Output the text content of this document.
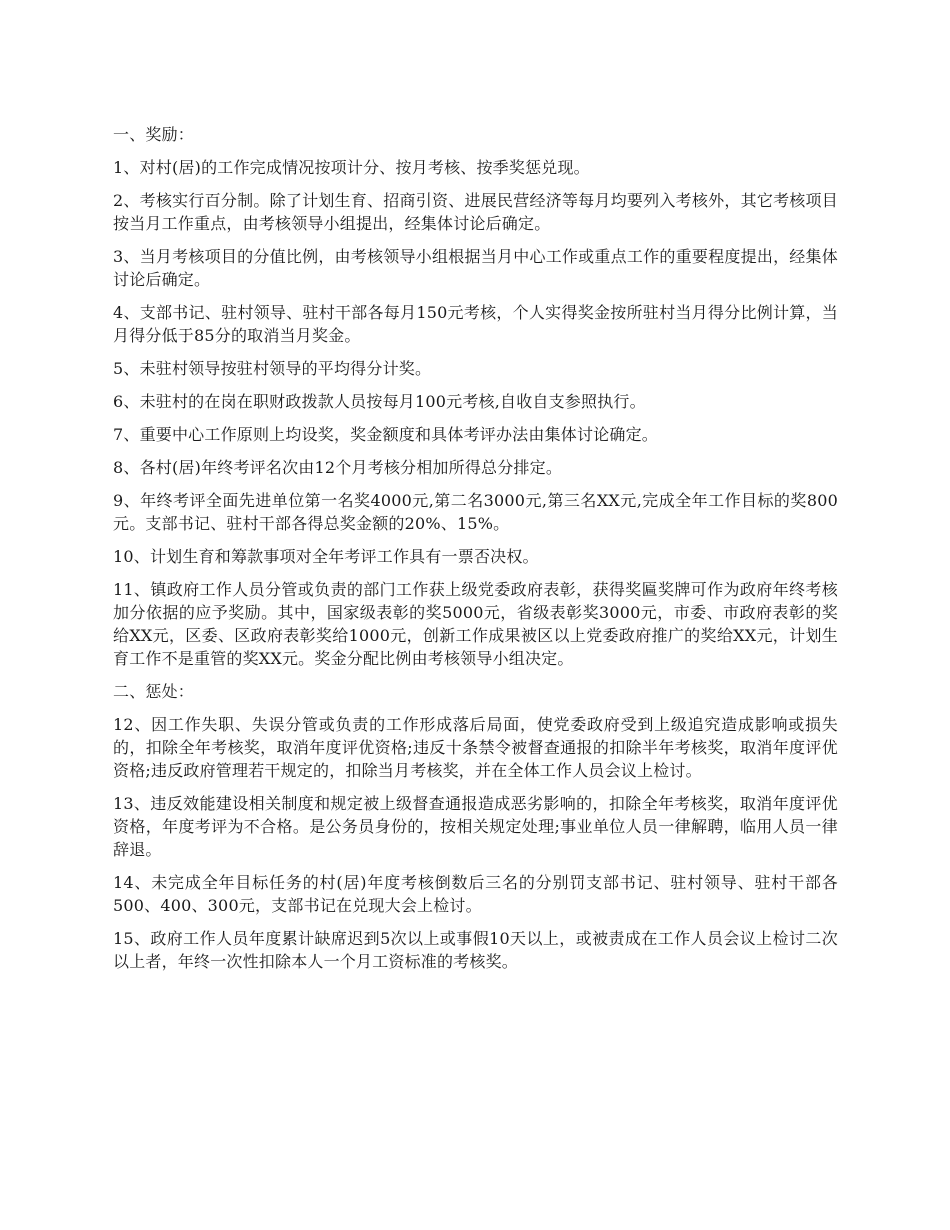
一、奖励：

1、对村(居)的工作完成情况按项计分、按月考核、按季奖惩兑现。

2、考核实行百分制。除了计划生育、招商引资、进展民营经济等每月均要列入考核外，其它考核项目按当月工作重点，由考核领导小组提出，经集体讨论后确定。

3、当月考核项目的分值比例，由考核领导小组根据当月中心工作或重点工作的重要程度提出，经集体讨论后确定。

4、支部书记、驻村领导、驻村干部各每月150元考核，个人实得奖金按所驻村当月得分比例计算，当月得分低于85分的取消当月奖金。

5、未驻村领导按驻村领导的平均得分计奖。

6、未驻村的在岗在职财政拨款人员按每月100元考核,自收自支参照执行。

7、重要中心工作原则上均设奖，奖金额度和具体考评办法由集体讨论确定。

8、各村(居)年终考评名次由12个月考核分相加所得总分排定。

9、年终考评全面先进单位第一名奖4000元,第二名3000元,第三名XX元,完成全年工作目标的奖800元。支部书记、驻村干部各得总奖金额的20%、15%。

10、计划生育和筹款事项对全年考评工作具有一票否决权。

11、镇政府工作人员分管或负责的部门工作获上级党委政府表彰，获得奖匾奖牌可作为政府年终考核加分依据的应予奖励。其中，国家级表彰的奖5000元，省级表彰奖3000元，市委、市政府表彰的奖给XX元，区委、区政府表彰奖给1000元，创新工作成果被区以上党委政府推广的奖给XX元，计划生育工作不是重管的奖XX元。奖金分配比例由考核领导小组决定。

二、惩处：

12、因工作失职、失误分管或负责的工作形成落后局面，使党委政府受到上级追究造成影响或损失的，扣除全年考核奖，取消年度评优资格;违反十条禁令被督查通报的扣除半年考核奖，取消年度评优资格;违反政府管理若干规定的，扣除当月考核奖，并在全体工作人员会议上检讨。

13、违反效能建设相关制度和规定被上级督查通报造成恶劣影响的，扣除全年考核奖，取消年度评优资格，年度考评为不合格。是公务员身份的，按相关规定处理;事业单位人员一律解聘，临用人员一律辞退。

14、未完成全年目标任务的村(居)年度考核倒数后三名的分别罚支部书记、驻村领导、驻村干部各500、400、300元，支部书记在兑现大会上检讨。

15、政府工作人员年度累计缺席迟到5次以上或事假10天以上，或被责成在工作人员会议上检讨二次以上者，年终一次性扣除本人一个月工资标准的考核奖。
